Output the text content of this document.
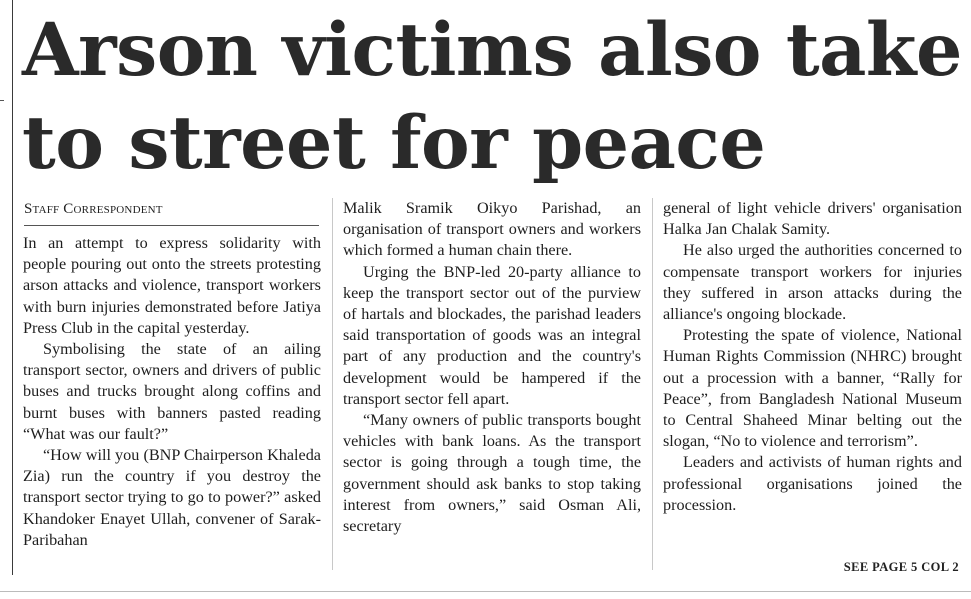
Arson victims also take
to street for peace
Staff Correspondent

In an attempt to express solidarity with people pouring out onto the streets protesting arson attacks and violence, transport workers with burn injuries demonstrated before Jatiya Press Club in the capital yesterday.

Symbolising the state of an ailing transport sector, owners and drivers of public buses and trucks brought along coffins and burnt buses with banners pasted reading “What was our fault?”

“How will you (BNP Chairperson Khaleda Zia) run the country if you destroy the transport sector trying to go to power?” asked Khandoker Enayet Ullah, convener of Sarak-Paribahan

Malik Sramik Oikyo Parishad, an organisation of transport owners and workers which formed a human chain there.

Urging the BNP-led 20-party alliance to keep the transport sector out of the purview of hartals and blockades, the parishad leaders said transportation of goods was an integral part of any production and the country's development would be hampered if the transport sector fell apart.

“Many owners of public transports bought vehicles with bank loans. As the transport sector is going through a tough time, the government should ask banks to stop taking interest from owners,” said Osman Ali, secretary

general of light vehicle drivers' organisation Halka Jan Chalak Samity.

He also urged the authorities concerned to compensate transport workers for injuries they suffered in arson attacks during the alliance's ongoing blockade.

Protesting the spate of violence, National Human Rights Commission (NHRC) brought out a procession with a banner, “Rally for Peace”, from Bangladesh National Museum to Central Shaheed Minar belting out the slogan, “No to violence and terrorism”.

Leaders and activists of human rights and professional organisations joined the procession.

SEE PAGE 5 COL 2
